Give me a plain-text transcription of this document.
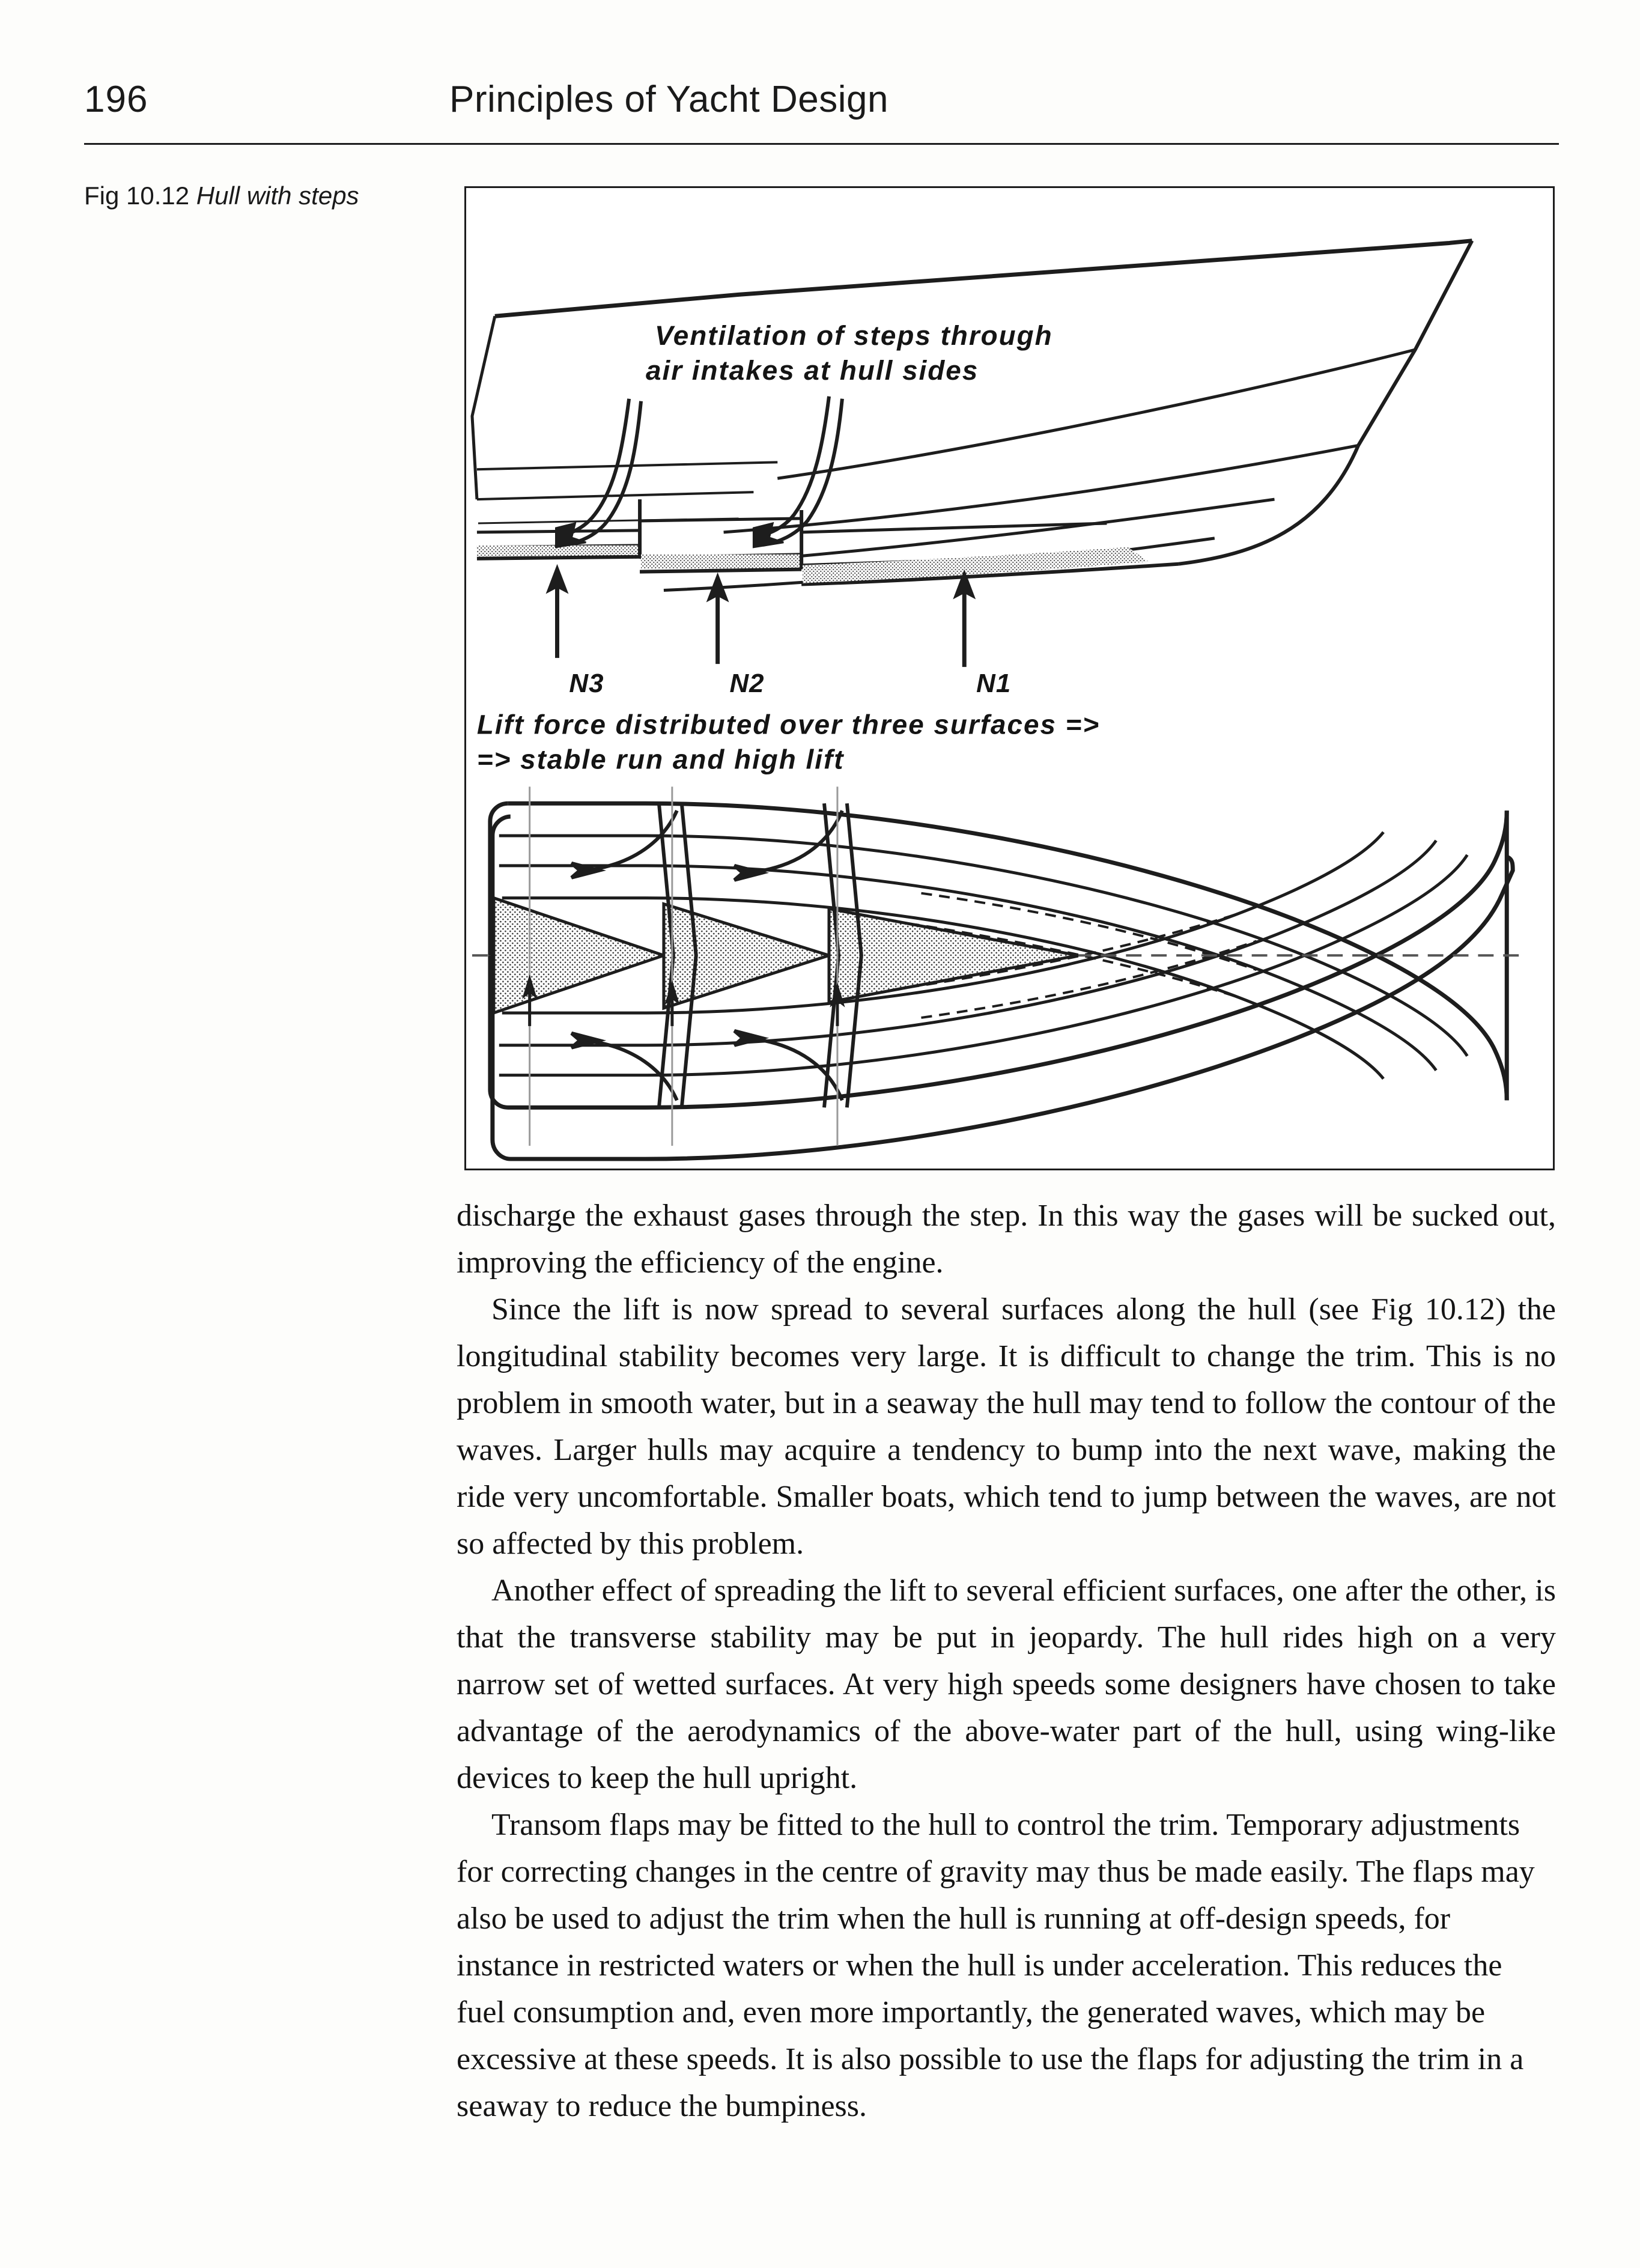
196	Principles of Yacht Design
Fig 10.12 Hull with steps
Ventilation of steps through
air intakes at hull sides
N3	N2	N1
Lift force distributed over three surfaces =>
=> stable run and high lift

discharge the exhaust gases through the step. In this way the gases will be sucked out, improving the efficiency of the engine.

Since the lift is now spread to several surfaces along the hull (see Fig 10.12) the longitudinal stability becomes very large. It is difficult to change the trim. This is no problem in smooth water, but in a seaway the hull may tend to follow the contour of the waves. Larger hulls may acquire a tendency to bump into the next wave, making the ride very uncomfortable. Smaller boats, which tend to jump between the waves, are not so affected by this problem.

Another effect of spreading the lift to several efficient surfaces, one after the other, is that the transverse stability may be put in jeopardy. The hull rides high on a very narrow set of wetted surfaces. At very high speeds some designers have chosen to take advantage of the aerodynamics of the above-water part of the hull, using wing-like devices to keep the hull upright.

Transom flaps may be fitted to the hull to control the trim. Temporary adjustments for correcting changes in the centre of gravity may thus be made easily. The flaps may also be used to adjust the trim when the hull is running at off-design speeds, for instance in restricted waters or when the hull is under acceleration. This reduces the fuel consumption and, even more importantly, the generated waves, which may be excessive at these speeds. It is also possible to use the flaps for adjusting the trim in a seaway to reduce the bumpiness.
